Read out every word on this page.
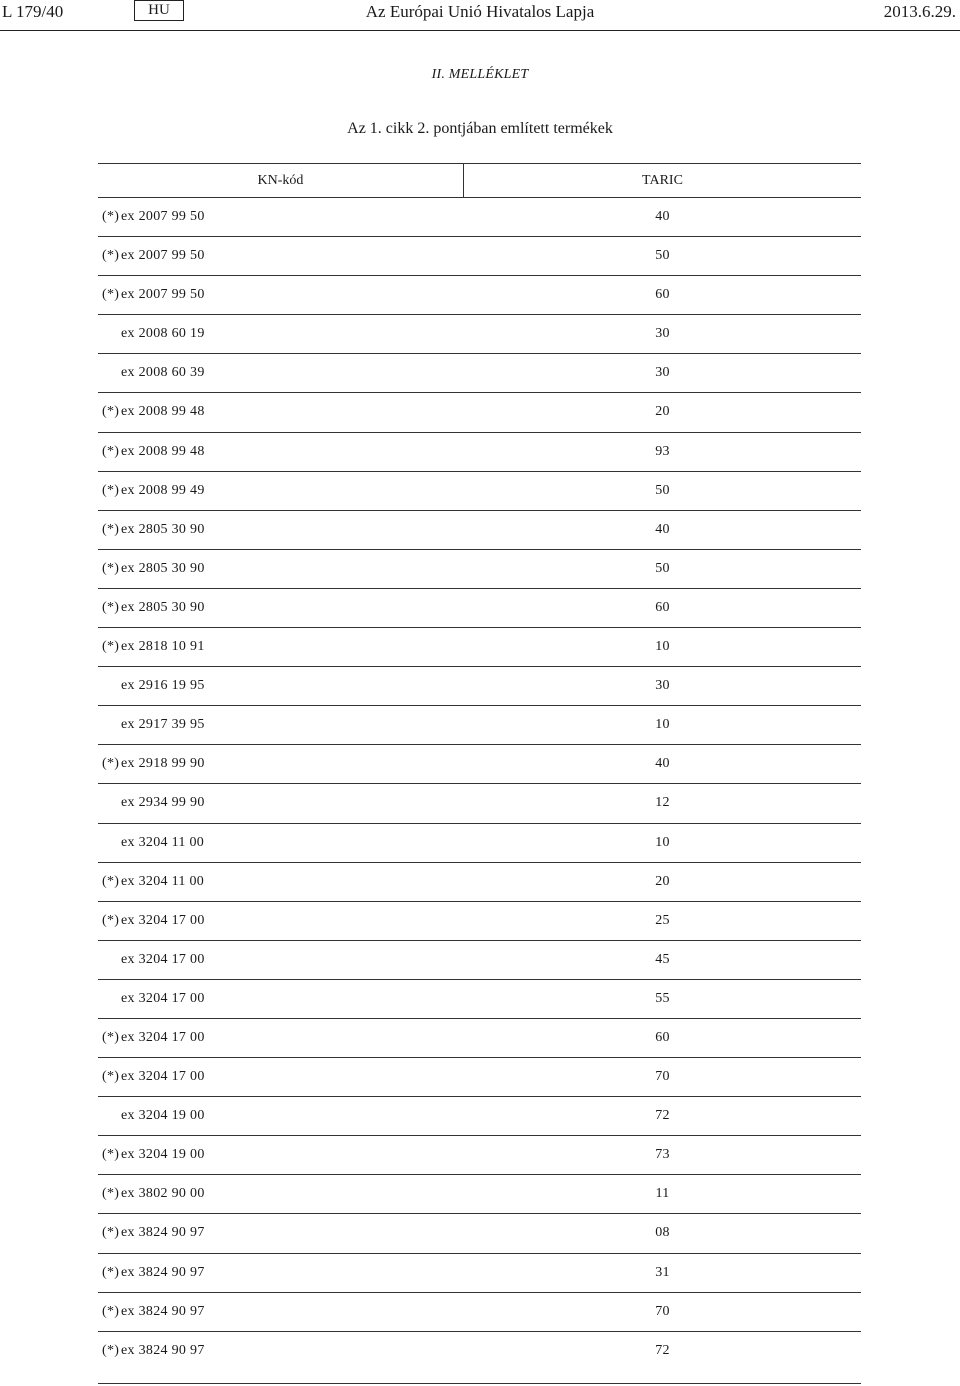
L 179/40	HU	Az Európai Unió Hivatalos Lapja	2013.6.29.
II. MELLÉKLET
Az 1. cikk 2. pontjában említett termékek
KN-kód	TARIC
(*) ex 2007 99 50	40
(*) ex 2007 99 50	50
(*) ex 2007 99 50	60
ex 2008 60 19	30
ex 2008 60 39	30
(*) ex 2008 99 48	20
(*) ex 2008 99 48	93
(*) ex 2008 99 49	50
(*) ex 2805 30 90	40
(*) ex 2805 30 90	50
(*) ex 2805 30 90	60
(*) ex 2818 10 91	10
ex 2916 19 95	30
ex 2917 39 95	10
(*) ex 2918 99 90	40
ex 2934 99 90	12
ex 3204 11 00	10
(*) ex 3204 11 00	20
(*) ex 3204 17 00	25
ex 3204 17 00	45
ex 3204 17 00	55
(*) ex 3204 17 00	60
(*) ex 3204 17 00	70
ex 3204 19 00	72
(*) ex 3204 19 00	73
(*) ex 3802 90 00	11
(*) ex 3824 90 97	08
(*) ex 3824 90 97	31
(*) ex 3824 90 97	70
(*) ex 3824 90 97	72
